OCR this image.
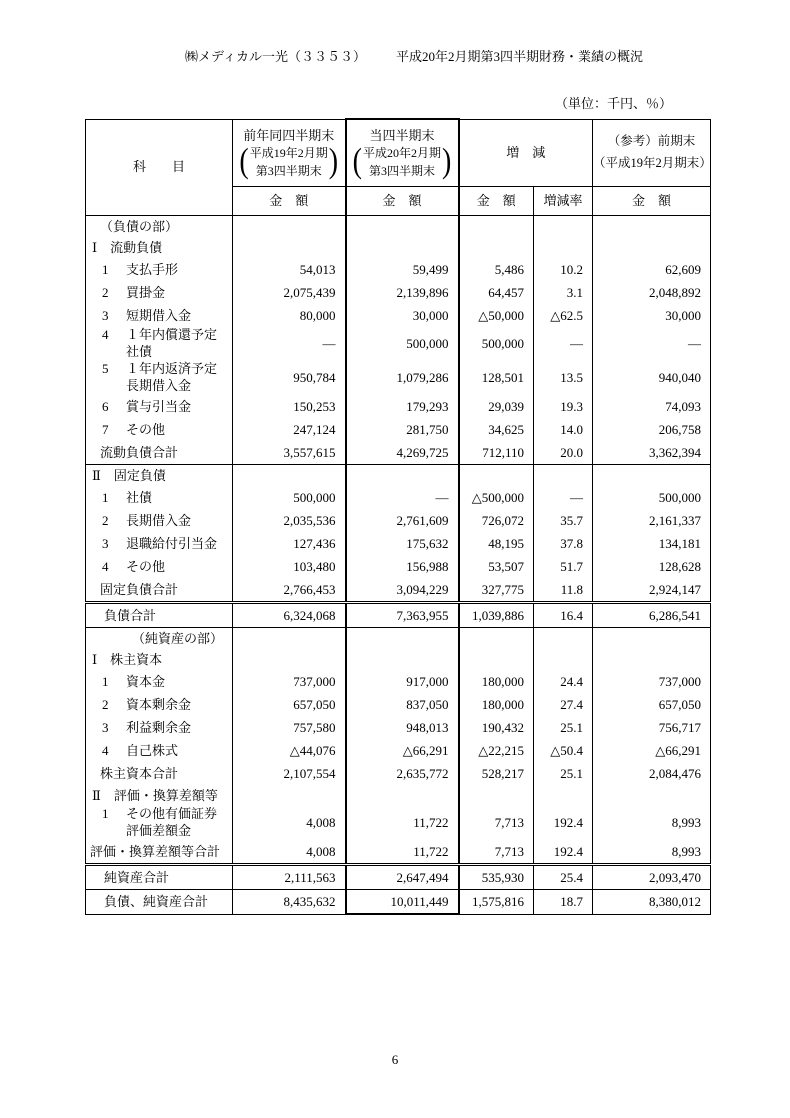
㈱メディカル一光（３３５３） 平成20年2月期第3四半期財務・業績の概況
（単位：千円、％）
科　　目	前年同四半期末
( 平成19年2月期
第3四半期末 )	当四半期末
( 平成20年2月期
第3四半期末 )	増　減		（参考）前期末
（平成19年2月期末）

	金　額	金　額	金　額	増減率	金　額
（負債の部）					
Ⅰ　流動負債					
1 支払手形	54,013	59,499	5,486	10.2	62,609
2 買掛金	2,075,439	2,139,896	64,457	3.1	2,048,892
3 短期借入金	80,000	30,000	△50,000	△62.5	30,000
4 １年内償還予定
社債	―	500,000	500,000	―	―
5 １年内返済予定
長期借入金	950,784	1,079,286	128,501	13.5	940,040
6 賞与引当金	150,253	179,293	29,039	19.3	74,093
7 その他	247,124	281,750	34,625	14.0	206,758
流動負債合計	3,557,615	4,269,725	712,110	20.0	3,362,394
Ⅱ　固定負債					
1 社債	500,000	―	△500,000	―	500,000
2 長期借入金	2,035,536	2,761,609	726,072	35.7	2,161,337
3 退職給付引当金	127,436	175,632	48,195	37.8	134,181
4 その他	103,480	156,988	53,507	51.7	128,628
固定負債合計	2,766,453	3,094,229	327,775	11.8	2,924,147
負債合計	6,324,068	7,363,955	1,039,886	16.4	6,286,541
（純資産の部）					
Ⅰ　株主資本					
1 資本金	737,000	917,000	180,000	24.4	737,000
2 資本剰余金	657,050	837,050	180,000	27.4	657,050
3 利益剰余金	757,580	948,013	190,432	25.1	756,717
4 自己株式	△44,076	△66,291	△22,215	△50.4	△66,291
株主資本合計	2,107,554	2,635,772	528,217	25.1	2,084,476
Ⅱ　評価・換算差額等					
1 その他有価証券
評価差額金	4,008	11,722	7,713	192.4	8,993
評価・換算差額等合計	4,008	11,722	7,713	192.4	8,993
純資産合計	2,111,563	2,647,494	535,930	25.4	2,093,470
負債、純資産合計	8,435,632	10,011,449	1,575,816	18.7	8,380,012
6
